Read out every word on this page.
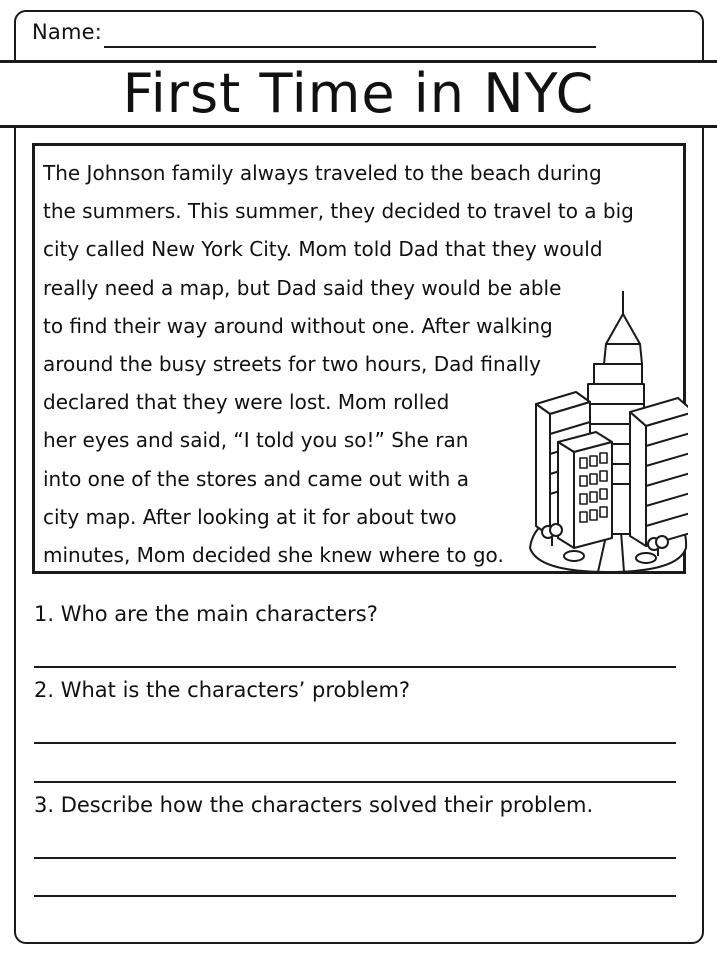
Name:
First Time in NYC
The Johnson family always traveled to the beach during
the summers. This summer, they decided to travel to a big
city called New York City. Mom told Dad that they would
really need a map, but Dad said they would be able
to find their way around without one. After walking
around the busy streets for two hours, Dad finally
declared that they were lost. Mom rolled
her eyes and said, “I told you so!” She ran
into one of the stores and came out with a
city map. After looking at it for about two
minutes, Mom decided she knew where to go.
1. Who are the main characters?
2. What is the characters’ problem?
3. Describe how the characters solved their problem.
